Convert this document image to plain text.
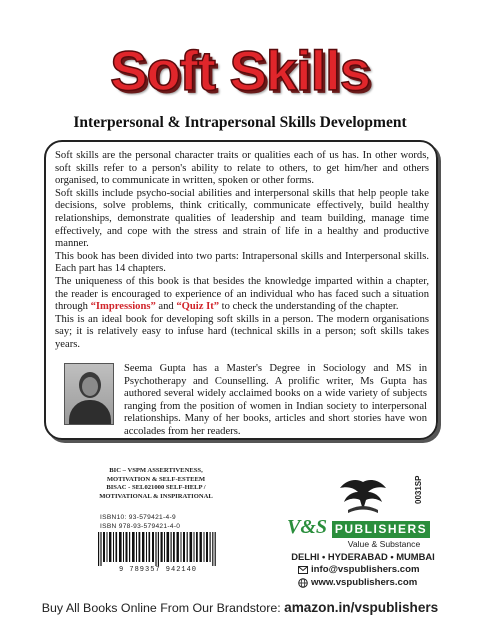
Soft Skills
Interpersonal & Intrapersonal Skills Development

Soft skills are the personal character traits or qualities each of us has. In other words, soft skills refer to a person's ability to relate to others, to get him/her and others organised, to communicate in written, spoken or other forms.

Soft skills include psycho-social abilities and interpersonal skills that help people take decisions, solve problems, think critically, communicate effectively, build healthy relationships, demonstrate qualities of leadership and team building, manage time effectively, and cope with the stress and strain of life in a healthy and productive manner.

This book has been divided into two parts: Intrapersonal skills and Interpersonal skills. Each part has 14 chapters.

The uniqueness of this book is that besides the knowledge imparted within a chapter, the reader is encouraged to experience of an individual who has faced such a situation through “Impressions” and “Quiz It” to check the understanding of the chapter.

This is an ideal book for developing soft skills in a person. The modern organisations say; it is relatively easy to infuse hard (technical skills in a person; soft skills takes years.

Seema Gupta has a Master's Degree in Sociology and MS in Psychotherapy and Counselling. A prolific writer, Ms Gupta has authored several widely acclaimed books on a wide variety of subjects ranging from the position of women in Indian society to interpersonal relationships. Many of her books, articles and short stories have won accolades from her readers.
BIC – VSPM ASSERTIVENESS,
MOTIVATION & SELF-ESTEEM
BISAC - SEL021000 SELF-HELP /
MOTIVATIONAL & INSPIRATIONAL
ISBN10: 93-579421-4-9
ISBN 978-93-579421-4-0
9 789357 942140
V&S PUBLISHERS
Value & Substance
DELHI • HYDERABAD • MUMBAI
info@vspublishers.com
www.vspublishers.com
0031SP
Buy All Books Online From Our Brandstore: amazon.in/vspublishers
